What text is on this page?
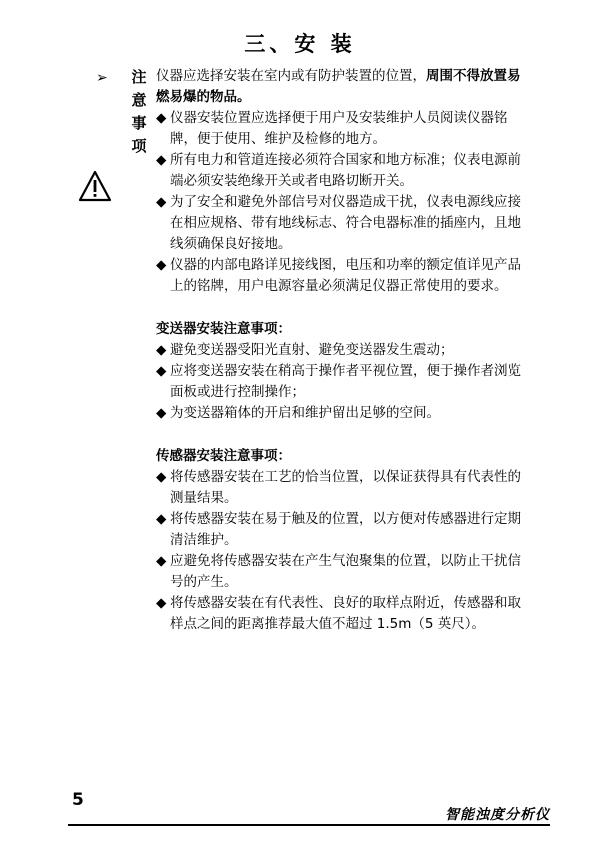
三、安 装
➢ 注
意
事
项

仪器应选择安装在室内或有防护装置的位置，周围不得放置易燃易爆的物品。

◆ 仪器安装位置应选择便于用户及安装维护人员阅读仪器铭牌，便于使用、维护及检修的地方。

◆ 所有电力和管道连接必须符合国家和地方标准；仪表电源前端必须安装绝缘开关或者电路切断开关。

◆ 为了安全和避免外部信号对仪器造成干扰，仪表电源线应接在相应规格、带有地线标志、符合电器标准的插座内，且地线须确保良好接地。

◆ 仪器的内部电路详见接线图，电压和功率的额定值详见产品上的铭牌，用户电源容量必须满足仪器正常使用的要求。

变送器安装注意事项：

◆ 避免变送器受阳光直射、避免变送器发生震动；

◆ 应将变送器安装在稍高于操作者平视位置，便于操作者浏览面板或进行控制操作；

◆ 为变送器箱体的开启和维护留出足够的空间。

传感器安装注意事项：

◆ 将传感器安装在工艺的恰当位置，以保证获得具有代表性的测量结果。

◆ 将传感器安装在易于触及的位置，以方便对传感器进行定期清洁维护。

◆ 应避免将传感器安装在产生气泡聚集的位置，以防止干扰信号的产生。

◆ 将传感器安装在有代表性、良好的取样点附近，传感器和取样点之间的距离推荐最大值不超过 1.5m（5 英尺）。

5
智能浊度分析仪
